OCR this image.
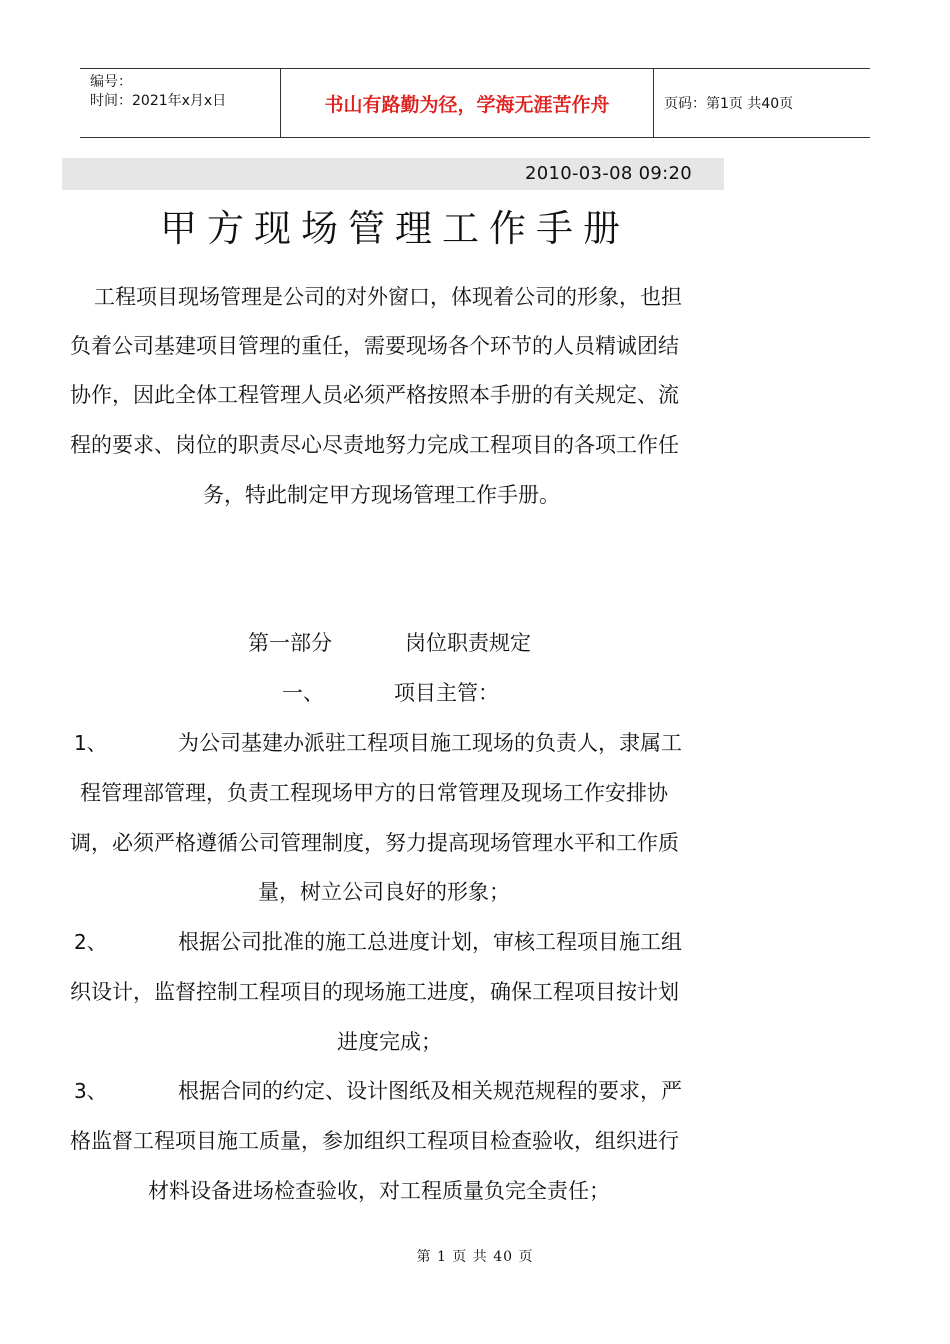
编号：
时间：2021年x月x日	书山有路勤为径，学海无涯苦作舟	页码：第1页 共40页
2010-03-08 09:20
甲方现场管理工作手册
工程项目现场管理是公司的对外窗口，体现着公司的形象，也担
负着公司基建项目管理的重任，需要现场各个环节的人员精诚团结
协作，因此全体工程管理人员必须严格按照本手册的有关规定、流
程的要求、岗位的职责尽心尽责地努力完成工程项目的各项工作任
务，特此制定甲方现场管理工作手册。
第一部分	岗位职责规定
一、	项目主管：
1、	为公司基建办派驻工程项目施工现场的负责人，隶属工
程管理部管理，负责工程现场甲方的日常管理及现场工作安排协
调，必须严格遵循公司管理制度，努力提高现场管理水平和工作质
量，树立公司良好的形象；
2、	根据公司批准的施工总进度计划，审核工程项目施工组
织设计，监督控制工程项目的现场施工进度，确保工程项目按计划
进度完成；
3、	根据合同的约定、设计图纸及相关规范规程的要求，严
格监督工程项目施工质量，参加组织工程项目检查验收，组织进行
材料设备进场检查验收，对工程质量负完全责任；
第 1 页 共 40 页
